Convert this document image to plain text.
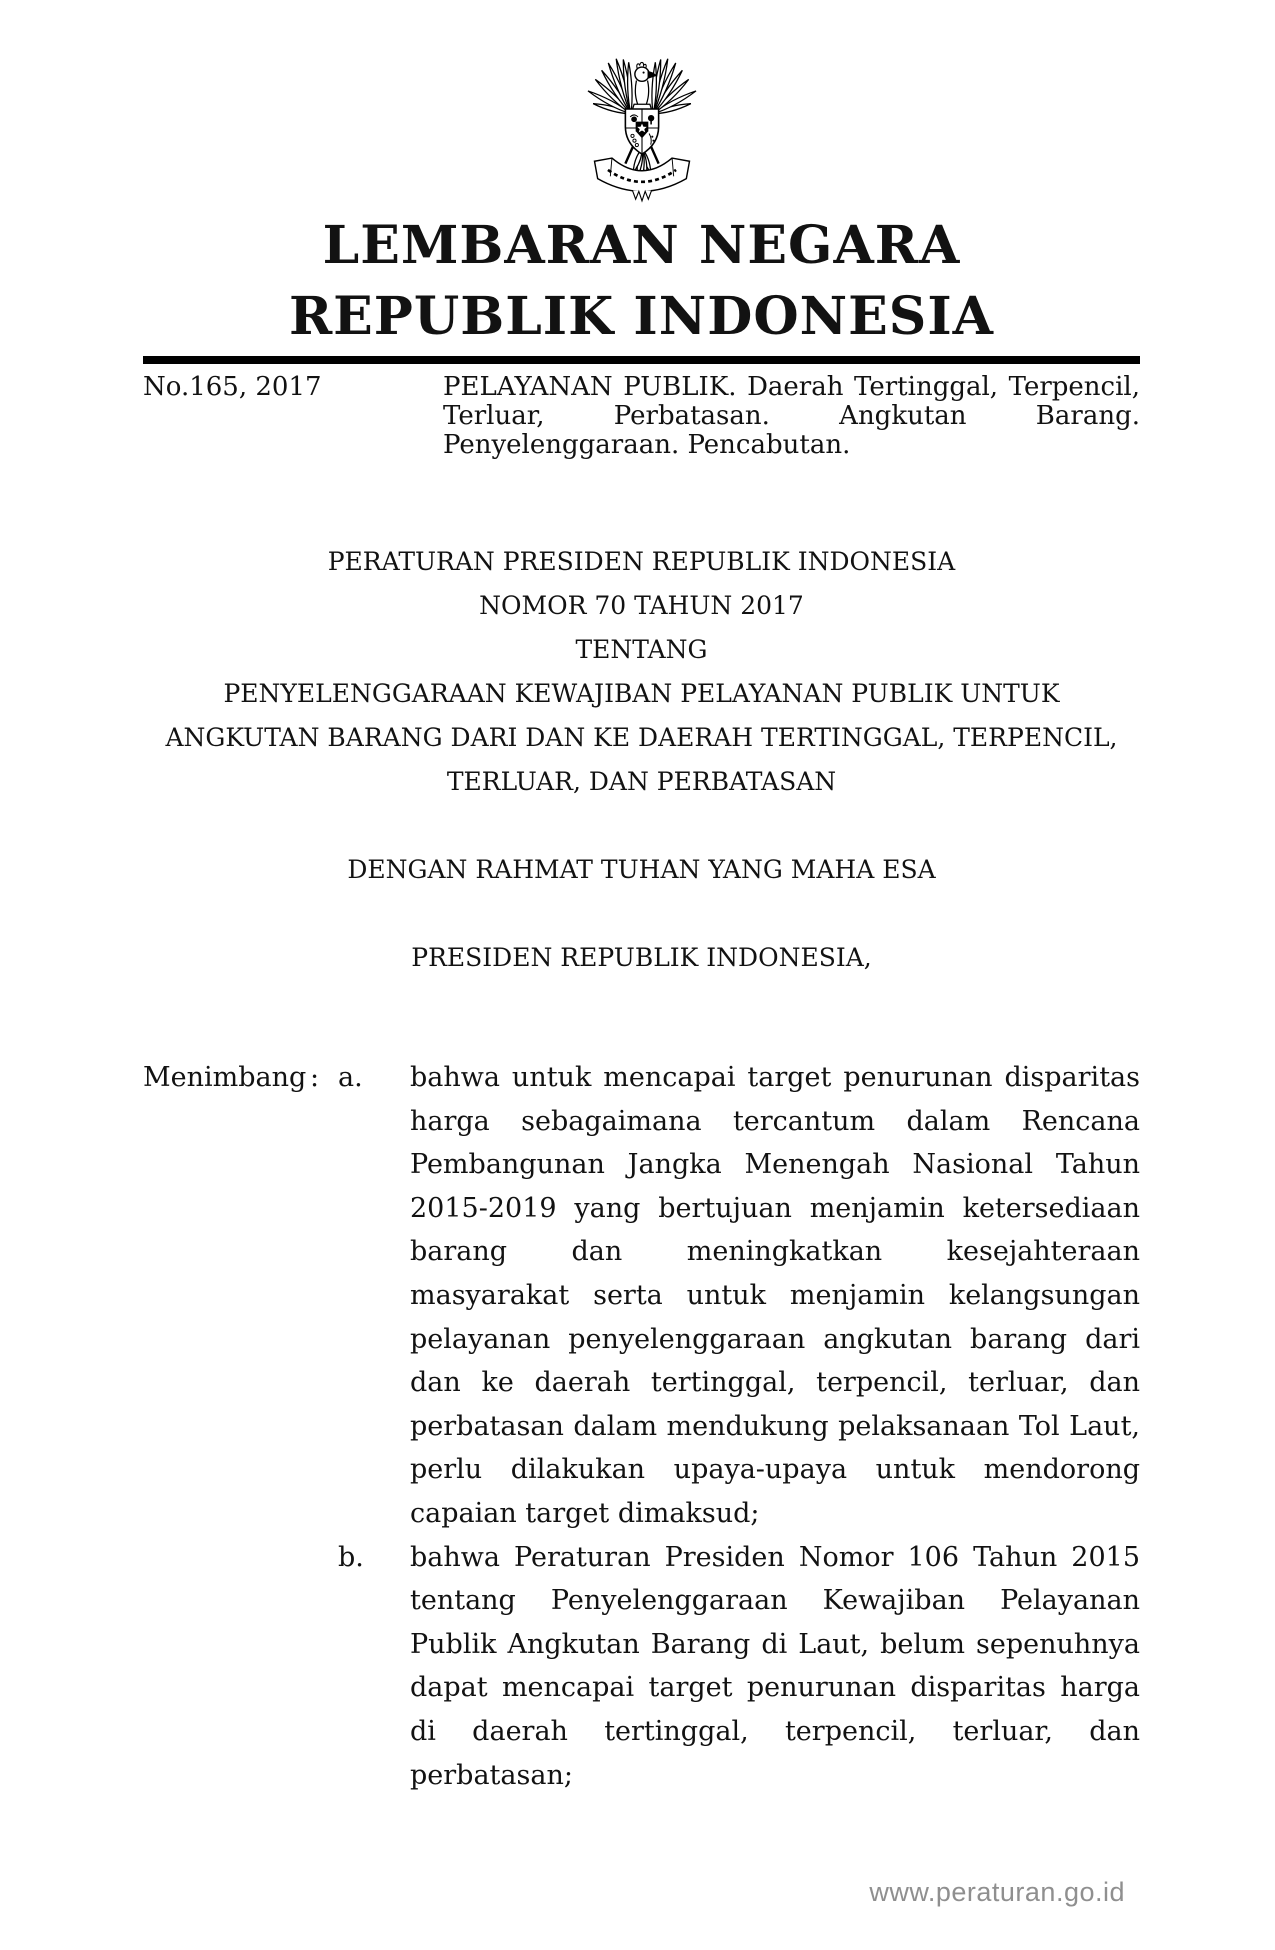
LEMBARAN NEGARA
REPUBLIK INDONESIA
No.165, 2017	PELAYANAN PUBLIK. Daerah Tertinggal, Terpencil,
Terluar, Perbatasan. Angkutan Barang.
Penyelenggaraan. Pencabutan.
PERATURAN PRESIDEN REPUBLIK INDONESIA
NOMOR 70 TAHUN 2017
TENTANG
PENYELENGGARAAN KEWAJIBAN PELAYANAN PUBLIK UNTUK ANGKUTAN BARANG DARI DAN KE DAERAH TERTINGGAL, TERPENCIL, TERLUAR, DAN PERBATASAN
DENGAN RAHMAT TUHAN YANG MAHA ESA
PRESIDEN REPUBLIK INDONESIA,
Menimbang : a.	bahwa untuk mencapai target penurunan disparitas harga sebagaimana tercantum dalam Rencana Pembangunan Jangka Menengah Nasional Tahun 2015-2019 yang bertujuan menjamin ketersediaan barang dan meningkatkan kesejahteraan masyarakat serta untuk menjamin kelangsungan pelayanan penyelenggaraan angkutan barang dari dan ke daerah tertinggal, terpencil, terluar, dan perbatasan dalam mendukung pelaksanaan Tol Laut, perlu dilakukan upaya-upaya untuk mendorong capaian target dimaksud;
b.	bahwa Peraturan Presiden Nomor 106 Tahun 2015 tentang Penyelenggaraan Kewajiban Pelayanan Publik Angkutan Barang di Laut, belum sepenuhnya dapat mencapai target penurunan disparitas harga di daerah tertinggal, terpencil, terluar, dan perbatasan;
www.peraturan.go.id
